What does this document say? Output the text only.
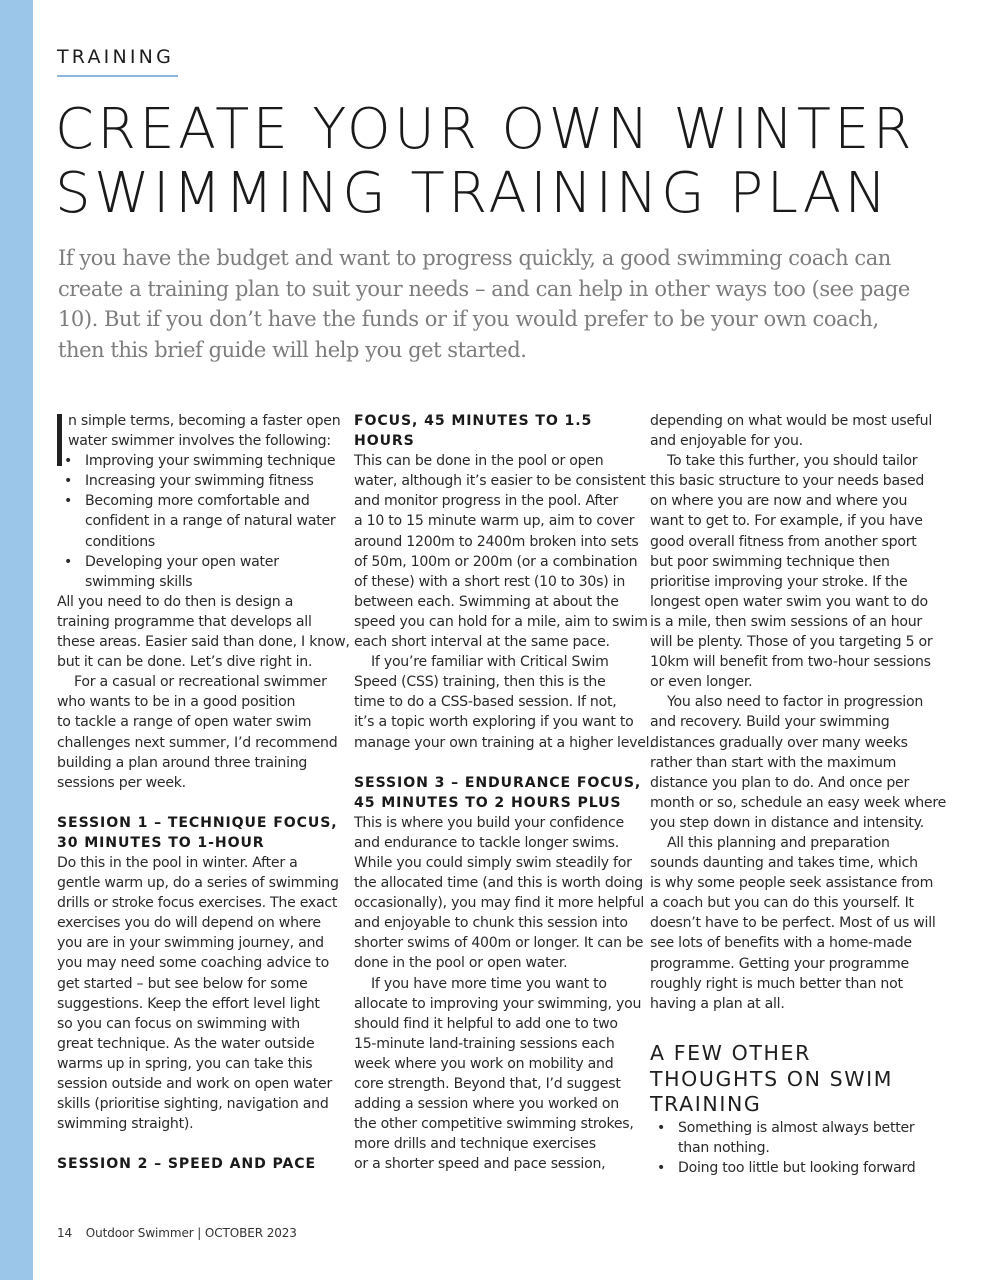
TRAINING
CREATE YOUR OWN WINTER
SWIMMING TRAINING PLAN
If you have the budget and want to progress quickly, a good swimming coach can
create a training plan to suit your needs – and can help in other ways too (see page
10). But if you don’t have the funds or if you would prefer to be your own coach,
then this brief guide will help you get started.
n simple terms, becoming a faster open
water swimmer involves the following:
• Improving your swimming technique
• Increasing your swimming fitness
• Becoming more comfortable and
confident in a range of natural water
conditions
• Developing your open water
swimming skills
All you need to do then is design a
training programme that develops all
these areas. Easier said than done, I know,
but it can be done. Let’s dive right in.
For a casual or recreational swimmer
who wants to be in a good position
to tackle a range of open water swim
challenges next summer, I’d recommend
building a plan around three training
sessions per week.
SESSION 1 – TECHNIQUE FOCUS,
30 MINUTES TO 1-HOUR
Do this in the pool in winter. After a
gentle warm up, do a series of swimming
drills or stroke focus exercises. The exact
exercises you do will depend on where
you are in your swimming journey, and
you may need some coaching advice to
get started – but see below for some
suggestions. Keep the effort level light
so you can focus on swimming with
great technique. As the water outside
warms up in spring, you can take this
session outside and work on open water
skills (prioritise sighting, navigation and
swimming straight).
SESSION 2 – SPEED AND PACE
FOCUS, 45 MINUTES TO 1.5
HOURS
This can be done in the pool or open
water, although it’s easier to be consistent
and monitor progress in the pool. After
a 10 to 15 minute warm up, aim to cover
around 1200m to 2400m broken into sets
of 50m, 100m or 200m (or a combination
of these) with a short rest (10 to 30s) in
between each. Swimming at about the
speed you can hold for a mile, aim to swim
each short interval at the same pace.
If you’re familiar with Critical Swim
Speed (CSS) training, then this is the
time to do a CSS-based session. If not,
it’s a topic worth exploring if you want to
manage your own training at a higher level.
SESSION 3 – ENDURANCE FOCUS,
45 MINUTES TO 2 HOURS PLUS
This is where you build your confidence
and endurance to tackle longer swims.
While you could simply swim steadily for
the allocated time (and this is worth doing
occasionally), you may find it more helpful
and enjoyable to chunk this session into
shorter swims of 400m or longer. It can be
done in the pool or open water.
If you have more time you want to
allocate to improving your swimming, you
should find it helpful to add one to two
15-minute land-training sessions each
week where you work on mobility and
core strength. Beyond that, I’d suggest
adding a session where you worked on
the other competitive swimming strokes,
more drills and technique exercises
or a shorter speed and pace session,
depending on what would be most useful
and enjoyable for you.
To take this further, you should tailor
this basic structure to your needs based
on where you are now and where you
want to get to. For example, if you have
good overall fitness from another sport
but poor swimming technique then
prioritise improving your stroke. If the
longest open water swim you want to do
is a mile, then swim sessions of an hour
will be plenty. Those of you targeting 5 or
10km will benefit from two-hour sessions
or even longer.
You also need to factor in progression
and recovery. Build your swimming
distances gradually over many weeks
rather than start with the maximum
distance you plan to do. And once per
month or so, schedule an easy week where
you step down in distance and intensity.
All this planning and preparation
sounds daunting and takes time, which
is why some people seek assistance from
a coach but you can do this yourself. It
doesn’t have to be perfect. Most of us will
see lots of benefits with a home-made
programme. Getting your programme
roughly right is much better than not
having a plan at all.
A FEW OTHER
THOUGHTS ON SWIM
TRAINING
• Something is almost always better
than nothing.
• Doing too little but looking forward
14 Outdoor Swimmer | OCTOBER 2023
